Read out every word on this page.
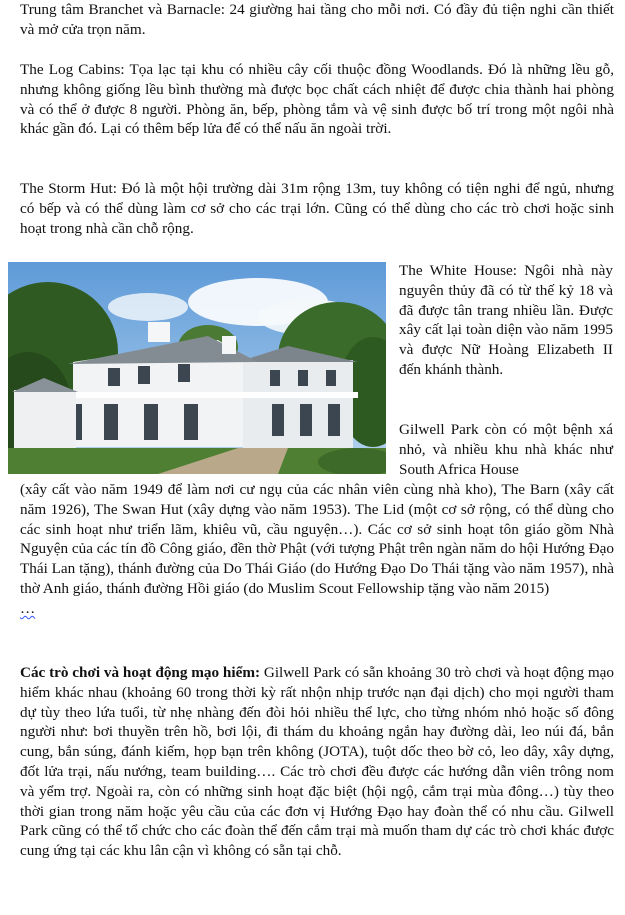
Trung tâm Branchet và Barnacle: 24 giường hai tầng cho mỗi nơi. Có đầy đủ tiện nghi cần thiết và mở cửa trọn năm.

The Log Cabins: Tọa lạc tại khu có nhiều cây cối thuộc đồng Woodlands. Đó là những lều gỗ, nhưng không giống lều bình thường mà được bọc chất cách nhiệt để được chia thành hai phòng và có thể ở được 8 người. Phòng ăn, bếp, phòng tắm và vệ sinh được bố trí trong một ngôi nhà khác gần đó. Lại có thêm bếp lửa để có thể nấu ăn ngoài trời.

The Storm Hut: Đó là một hội trường dài 31m rộng 13m, tuy không có tiện nghi để ngủ, nhưng có bếp và có thể dùng làm cơ sở cho các trại lớn. Cũng có thể dùng cho các trò chơi hoặc sinh hoạt trong nhà cần chỗ rộng.

The White House: Ngôi nhà này nguyên thủy đã có từ thế kỷ 18 và đã được tân trang nhiều lần. Được xây cất lại toàn diện vào năm 1995 và được Nữ Hoàng Elizabeth II đến khánh thành.

Gilwell Park còn có một bệnh xá nhỏ, và nhiều khu nhà khác như South Africa House

(xây cất vào năm 1949 để làm nơi cư ngụ của các nhân viên cùng nhà kho), The Barn (xây cất năm 1926), The Swan Hut (xây dựng vào năm 1953). The Lid (một cơ sở rộng, có thể dùng cho các sinh hoạt như triển lãm, khiêu vũ, cầu nguyện…). Các cơ sở sinh hoạt tôn giáo gồm Nhà Nguyện của các tín đồ Công giáo, đền thờ Phật (với tượng Phật trên ngàn năm do hội Hướng Đạo Thái Lan tặng), thánh đường của Do Thái Giáo (do Hướng Đạo Do Thái tặng vào năm 1957), nhà thờ Anh giáo, thánh đường Hồi giáo (do Muslim Scout Fellowship tặng vào năm 2015)
…

Các trò chơi và hoạt động mạo hiểm: Gilwell Park có sẵn khoảng 30 trò chơi và hoạt động mạo hiểm khác nhau (khoảng 60 trong thời kỳ rất nhộn nhịp trước nạn đại dịch) cho mọi người tham dự tùy theo lứa tuổi, từ nhẹ nhàng đến đòi hỏi nhiều thể lực, cho từng nhóm nhỏ hoặc số đông người như: bơi thuyền trên hồ, bơi lội, đi thám du khoảng ngắn hay đường dài, leo núi đá, bắn cung, bắn súng, đánh kiếm, họp bạn trên không (JOTA), tuột dốc theo bờ cỏ, leo dây, xây dựng, đốt lửa trại, nấu nướng, team building…. Các trò chơi đều được các hướng dẫn viên trông nom và yểm trợ. Ngoài ra, còn có những sinh hoạt đặc biệt (hội ngộ, cắm trại mùa đông…) tùy theo thời gian trong năm hoặc yêu cầu của các đơn vị Hướng Đạo hay đoàn thể có nhu cầu. Gilwell Park cũng có thể tổ chức cho các đoàn thể đến cắm trại mà muốn tham dự các trò chơi khác được cung ứng tại các khu lân cận vì không có sẵn tại chỗ.
